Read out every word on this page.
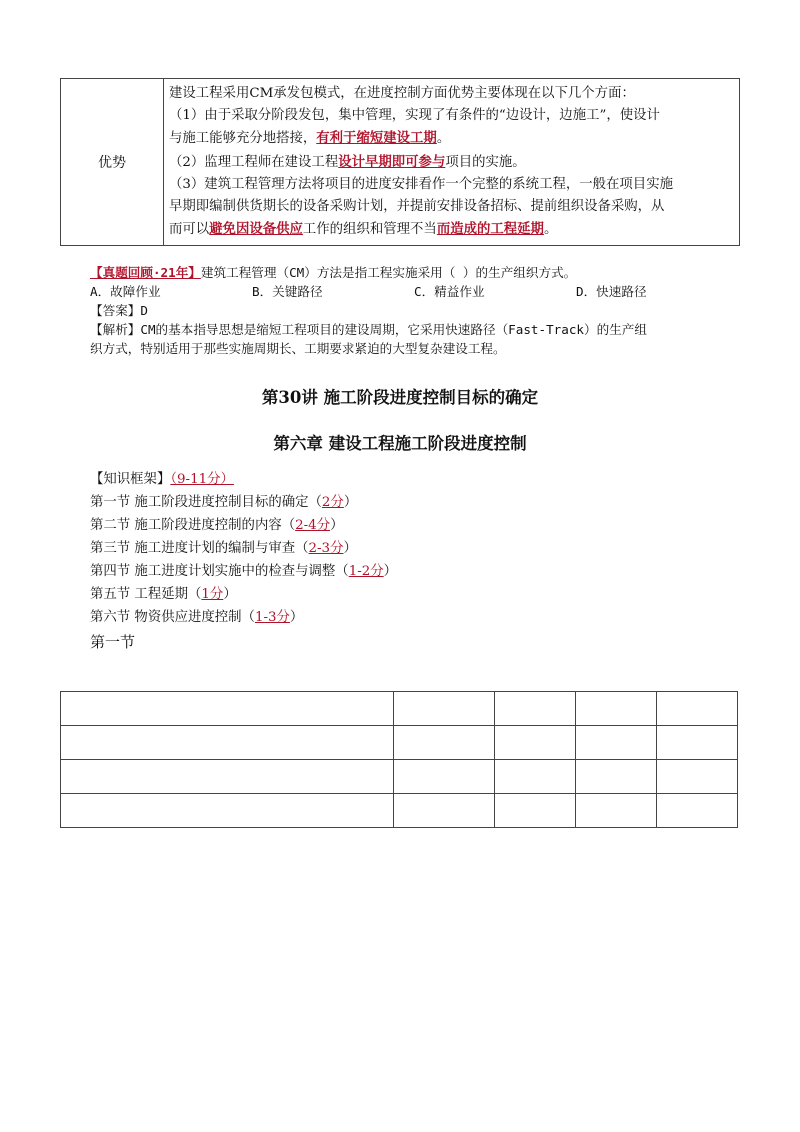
优势

建设工程采用CM承发包模式，在进度控制方面优势主要体现在以下几个方面：

（1）由于采取分阶段发包，集中管理，实现了有条件的“边设计，边施工”，使设计

与施工能够充分地搭接，有利于缩短建设工期。

（2）监理工程师在建设工程设计早期即可参与项目的实施。

（3）建筑工程管理方法将项目的进度安排看作一个完整的系统工程，一般在项目实施

早期即编制供货期长的设备采购计划，并提前安排设备招标、提前组织设备采购，从

而可以避免因设备供应工作的组织和管理不当而造成的工程延期。

【真题回顾·21年】建筑工程管理（CM）方法是指工程实施采用（ ）的生产组织方式。

A．故障作业	B．关键路径	C．精益作业	D．快速路径

【答案】D

【解析】CM的基本指导思想是缩短工程项目的建设周期，它采用快速路径（Fast-Track）的生产组

织方式，特别适用于那些实施周期长、工期要求紧迫的大型复杂建设工程。

第30讲 施工阶段进度控制目标的确定
第六章 建设工程施工阶段进度控制

【知识框架】（9-11分）

第一节 施工阶段进度控制目标的确定（2分）

第二节 施工阶段进度控制的内容（2-4分）

第三节 施工进度计划的编制与审查（2-3分）

第四节 施工进度计划实施中的检查与调整（1-2分）

第五节 工程延期（1分）

第六节 物资供应进度控制（1-3分）

第一节
